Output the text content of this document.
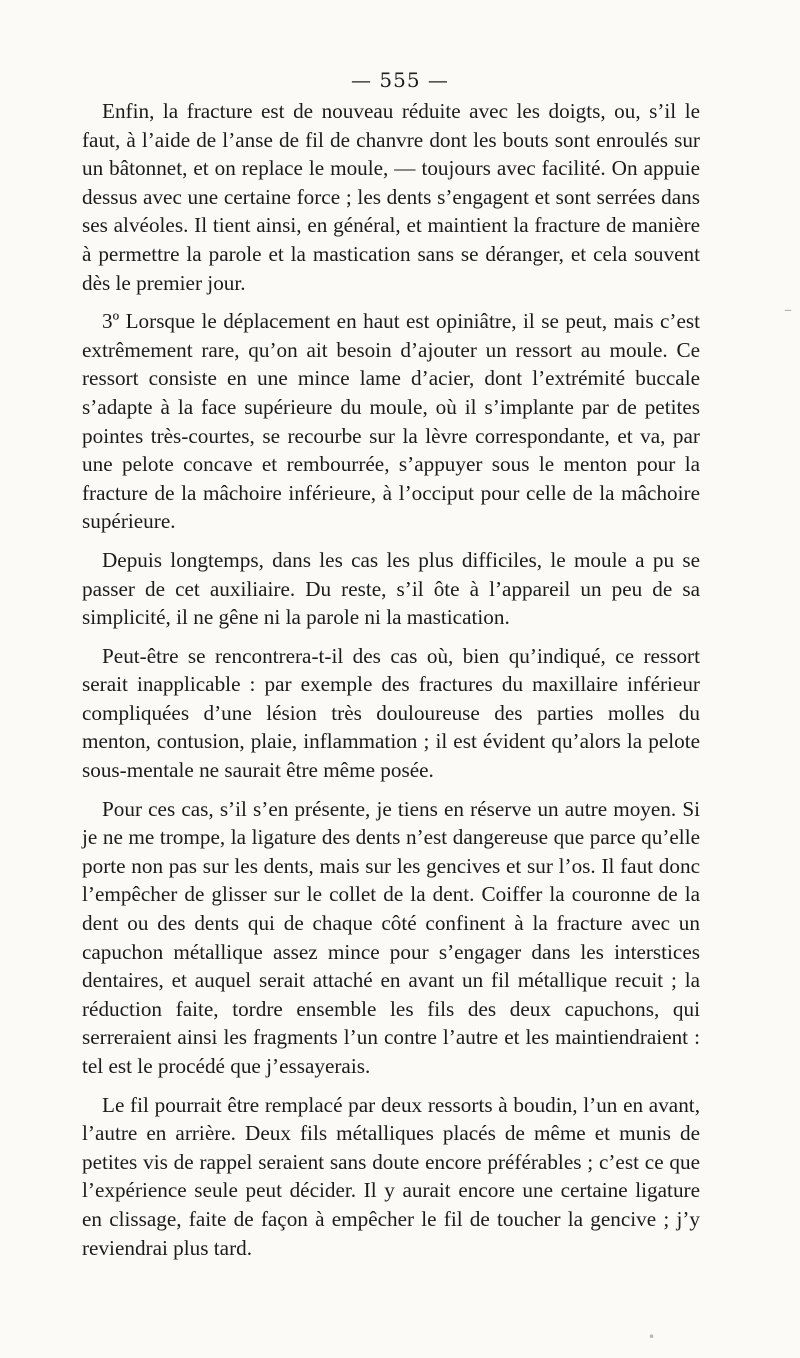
— 555 —

Enfin, la fracture est de nouveau réduite avec les doigts, ou, s’il le faut, à l’aide de l’anse de fil de chanvre dont les bouts sont enroulés sur un bâtonnet, et on replace le moule, — toujours avec facilité. On appuie dessus avec une certaine force ; les dents s’engagent et sont serrées dans ses alvéoles. Il tient ainsi, en général, et maintient la fracture de manière à permettre la parole et la mastication sans se déranger, et cela souvent dès le premier jour.

3º Lorsque le déplacement en haut est opiniâtre, il se peut, mais c’est extrêmement rare, qu’on ait besoin d’ajouter un ressort au moule. Ce ressort consiste en une mince lame d’acier, dont l’extrémité buccale s’adapte à la face supérieure du moule, où il s’implante par de petites pointes très-courtes, se recourbe sur la lèvre correspondante, et va, par une pelote concave et rembourrée, s’appuyer sous le menton pour la fracture de la mâchoire inférieure, à l’occiput pour celle de la mâchoire supérieure.

Depuis longtemps, dans les cas les plus difficiles, le moule a pu se passer de cet auxiliaire. Du reste, s’il ôte à l’appareil un peu de sa simplicité, il ne gêne ni la parole ni la mastication.

Peut-être se rencontrera-t-il des cas où, bien qu’indiqué, ce ressort serait inapplicable : par exemple des fractures du maxillaire inférieur compliquées d’une lésion très douloureuse des parties molles du menton, contusion, plaie, inflammation ; il est évident qu’alors la pelote sous-mentale ne saurait être même posée.

Pour ces cas, s’il s’en présente, je tiens en réserve un autre moyen. Si je ne me trompe, la ligature des dents n’est dangereuse que parce qu’elle porte non pas sur les dents, mais sur les gencives et sur l’os. Il faut donc l’empêcher de glisser sur le collet de la dent. Coiffer la couronne de la dent ou des dents qui de chaque côté confinent à la fracture avec un capuchon métallique assez mince pour s’engager dans les interstices dentaires, et auquel serait attaché en avant un fil métallique recuit ; la réduction faite, tordre ensemble les fils des deux capuchons, qui serreraient ainsi les fragments l’un contre l’autre et les maintiendraient : tel est le procédé que j’essayerais.

Le fil pourrait être remplacé par deux ressorts à boudin, l’un en avant, l’autre en arrière. Deux fils métalliques placés de même et munis de petites vis de rappel seraient sans doute encore préférables ; c’est ce que l’expérience seule peut décider. Il y aurait encore une certaine ligature en clissage, faite de façon à empêcher le fil de toucher la gencive ; j’y reviendrai plus tard.

–
•
